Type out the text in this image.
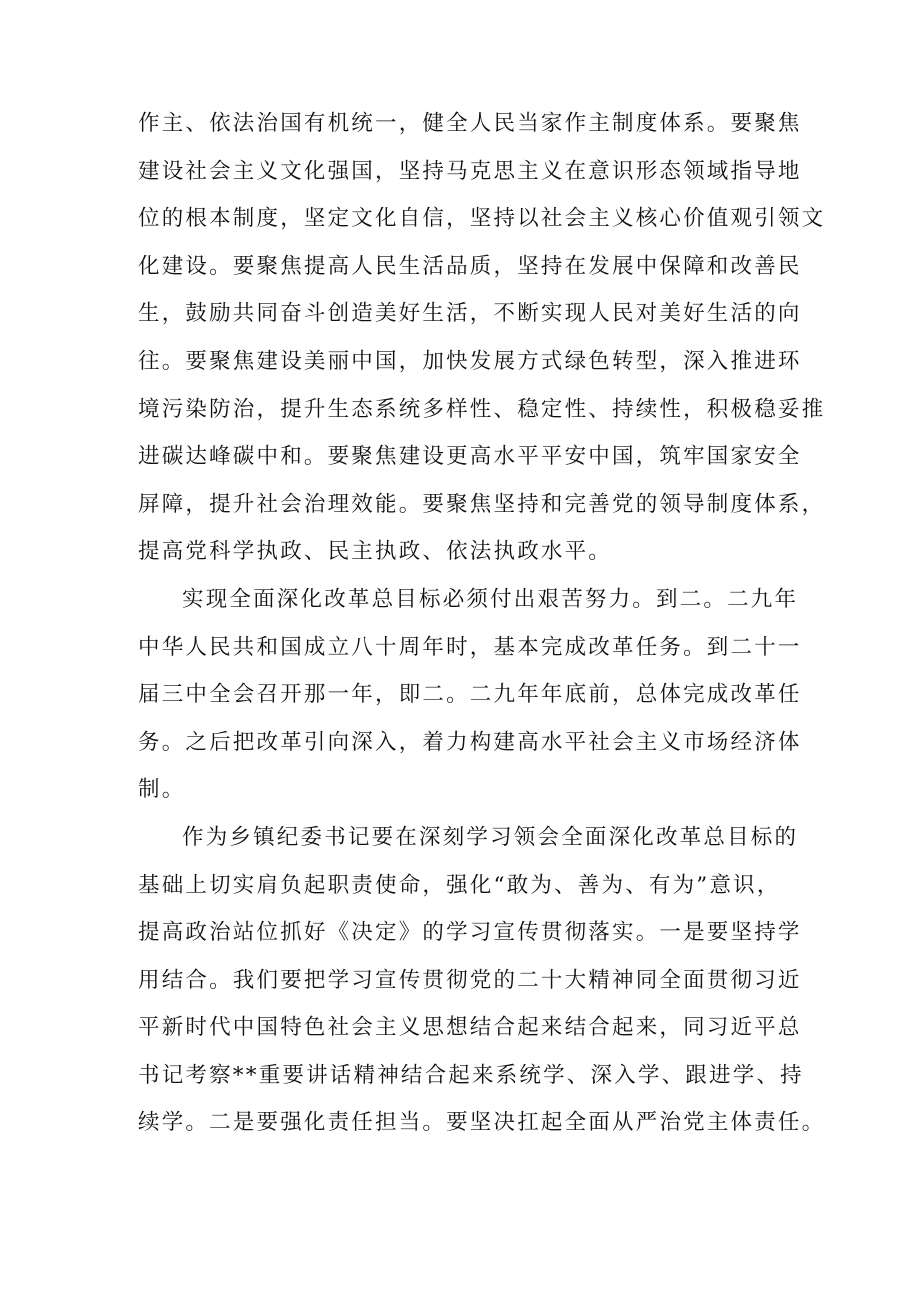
作主、依法治国有机统一，健全人民当家作主制度体系。要聚焦
建设社会主义文化强国，坚持马克思主义在意识形态领域指导地
位的根本制度，坚定文化自信，坚持以社会主义核心价值观引领文
化建设。要聚焦提高人民生活品质，坚持在发展中保障和改善民
生，鼓励共同奋斗创造美好生活，不断实现人民对美好生活的向
往。要聚焦建设美丽中国，加快发展方式绿色转型，深入推进环
境污染防治，提升生态系统多样性、稳定性、持续性，积极稳妥推
进碳达峰碳中和。要聚焦建设更高水平平安中国，筑牢国家安全
屏障，提升社会治理效能。要聚焦坚持和完善党的领导制度体系，
提高党科学执政、民主执政、依法执政水平。
实现全面深化改革总目标必须付出艰苦努力。到二。二九年
中华人民共和国成立八十周年时，基本完成改革任务。到二十一
届三中全会召开那一年，即二。二九年年底前，总体完成改革任
务。之后把改革引向深入，着力构建高水平社会主义市场经济体
制。
作为乡镇纪委书记要在深刻学习领会全面深化改革总目标的
基础上切实肩负起职责使命，强化“敢为、善为、有为”意识，
提高政治站位抓好《决定》的学习宣传贯彻落实。一是要坚持学
用结合。我们要把学习宣传贯彻党的二十大精神同全面贯彻习近
平新时代中国特色社会主义思想结合起来结合起来，同习近平总
书记考察**重要讲话精神结合起来系统学、深入学、跟进学、持
续学。二是要强化责任担当。要坚决扛起全面从严治党主体责任。
